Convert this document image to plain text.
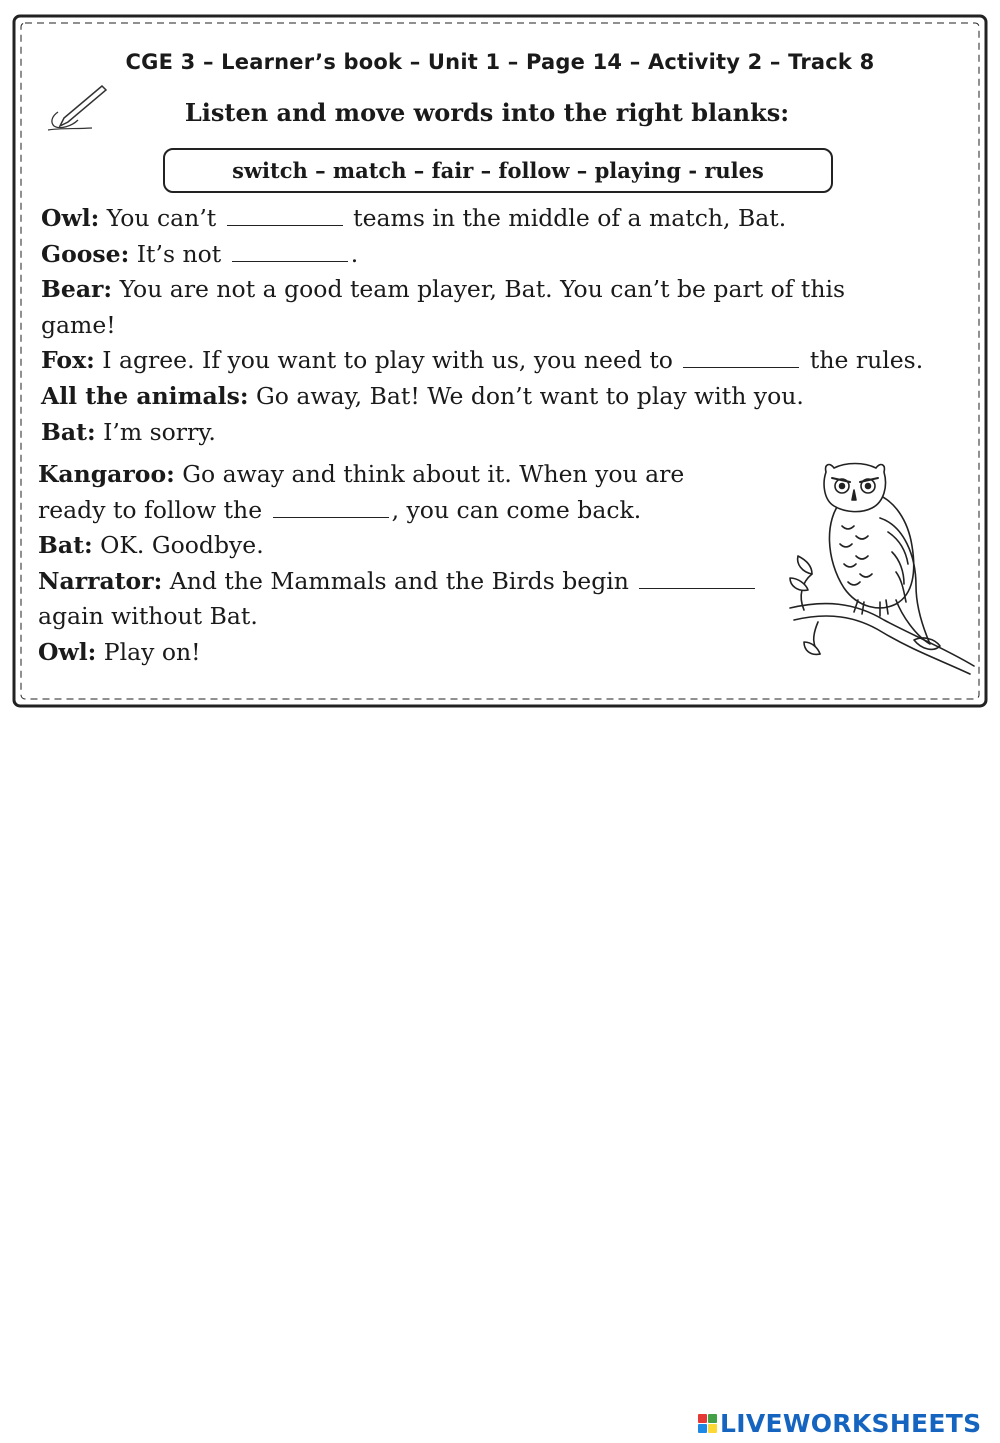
CGE 3 – Learner’s book – Unit 1 – Page 14 – Activity 2 – Track 8
Listen and move words into the right blanks:
switch – match – fair – follow – playing - rules
Owl: You can’t	teams in the middle of a match, Bat.
Goose: It’s not	.
Bear: You are not a good team player, Bat. You can’t be part of this
game!
Fox: I agree. If you want to play with us, you need to	the rules.
All the animals: Go away, Bat! We don’t want to play with you.
Bat: I’m sorry.
Kangaroo: Go away and think about it. When you are
ready to follow the	, you can come back.
Bat: OK. Goodbye.
Narrator: And the Mammals and the Birds begin
again without Bat.
Owl: Play on!
LIVEWORKSHEETS
